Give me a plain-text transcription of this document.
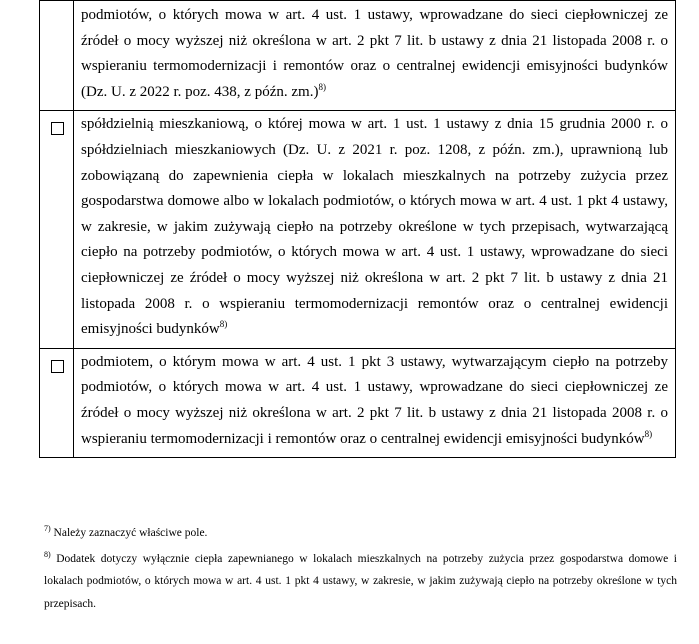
	podmiotów, o których mowa w art. 4 ust. 1 ustawy, wprowadzane do sieci ciepłowniczej ze źródeł o mocy wyższej niż określona w art. 2 pkt 7 lit. b ustawy z dnia 21 listopada 2008 r. o wspieraniu termomodernizacji i remontów oraz o centralnej ewidencji emisyjności budynków (Dz. U. z 2022 r. poz. 438, z późn. zm.)$^{8)}$

	spółdzielnią mieszkaniową, o której mowa w art. 1 ust. 1 ustawy z dnia 15 grudnia 2000 r. o spółdzielniach mieszkaniowych (Dz. U. z 2021 r. poz. 1208, z późn. zm.), uprawnioną lub zobowiązaną do zapewnienia ciepła w lokalach mieszkalnych na potrzeby zużycia przez gospodarstwa domowe albo w lokalach podmiotów, o których mowa w art. 4 ust. 1 pkt 4 ustawy, w zakresie, w jakim zużywają ciepło na potrzeby określone w tych przepisach, wytwarzającą ciepło na potrzeby podmiotów, o których mowa w art. 4 ust. 1 ustawy, wprowadzane do sieci ciepłowniczej ze źródeł o mocy wyższej niż określona w art. 2 pkt 7 lit. b ustawy z dnia 21 listopada 2008 r. o wspieraniu termomodernizacji remontów oraz o centralnej ewidencji emisyjności budynków$^{8)}$

	podmiotem, o którym mowa w art. 4 ust. 1 pkt 3 ustawy, wytwarzającym ciepło na potrzeby podmiotów, o których mowa w art. 4 ust. 1 ustawy, wprowadzane do sieci ciepłowniczej ze źródeł o mocy wyższej niż określona w art. 2 pkt 7 lit. b ustawy z dnia 21 listopada 2008 r. o wspieraniu termomodernizacji i remontów oraz o centralnej ewidencji emisyjności budynków$^{8)}$

$^{7)}$ Należy zaznaczyć właściwe pole.

$^{8)}$ Dodatek dotyczy wyłącznie ciepła zapewnianego w lokalach mieszkalnych na potrzeby zużycia przez gospodarstwa domowe i lokalach podmiotów, o których mowa w art. 4 ust. 1 pkt 4 ustawy, w zakresie, w jakim zużywają ciepło na potrzeby określone w tych przepisach.
